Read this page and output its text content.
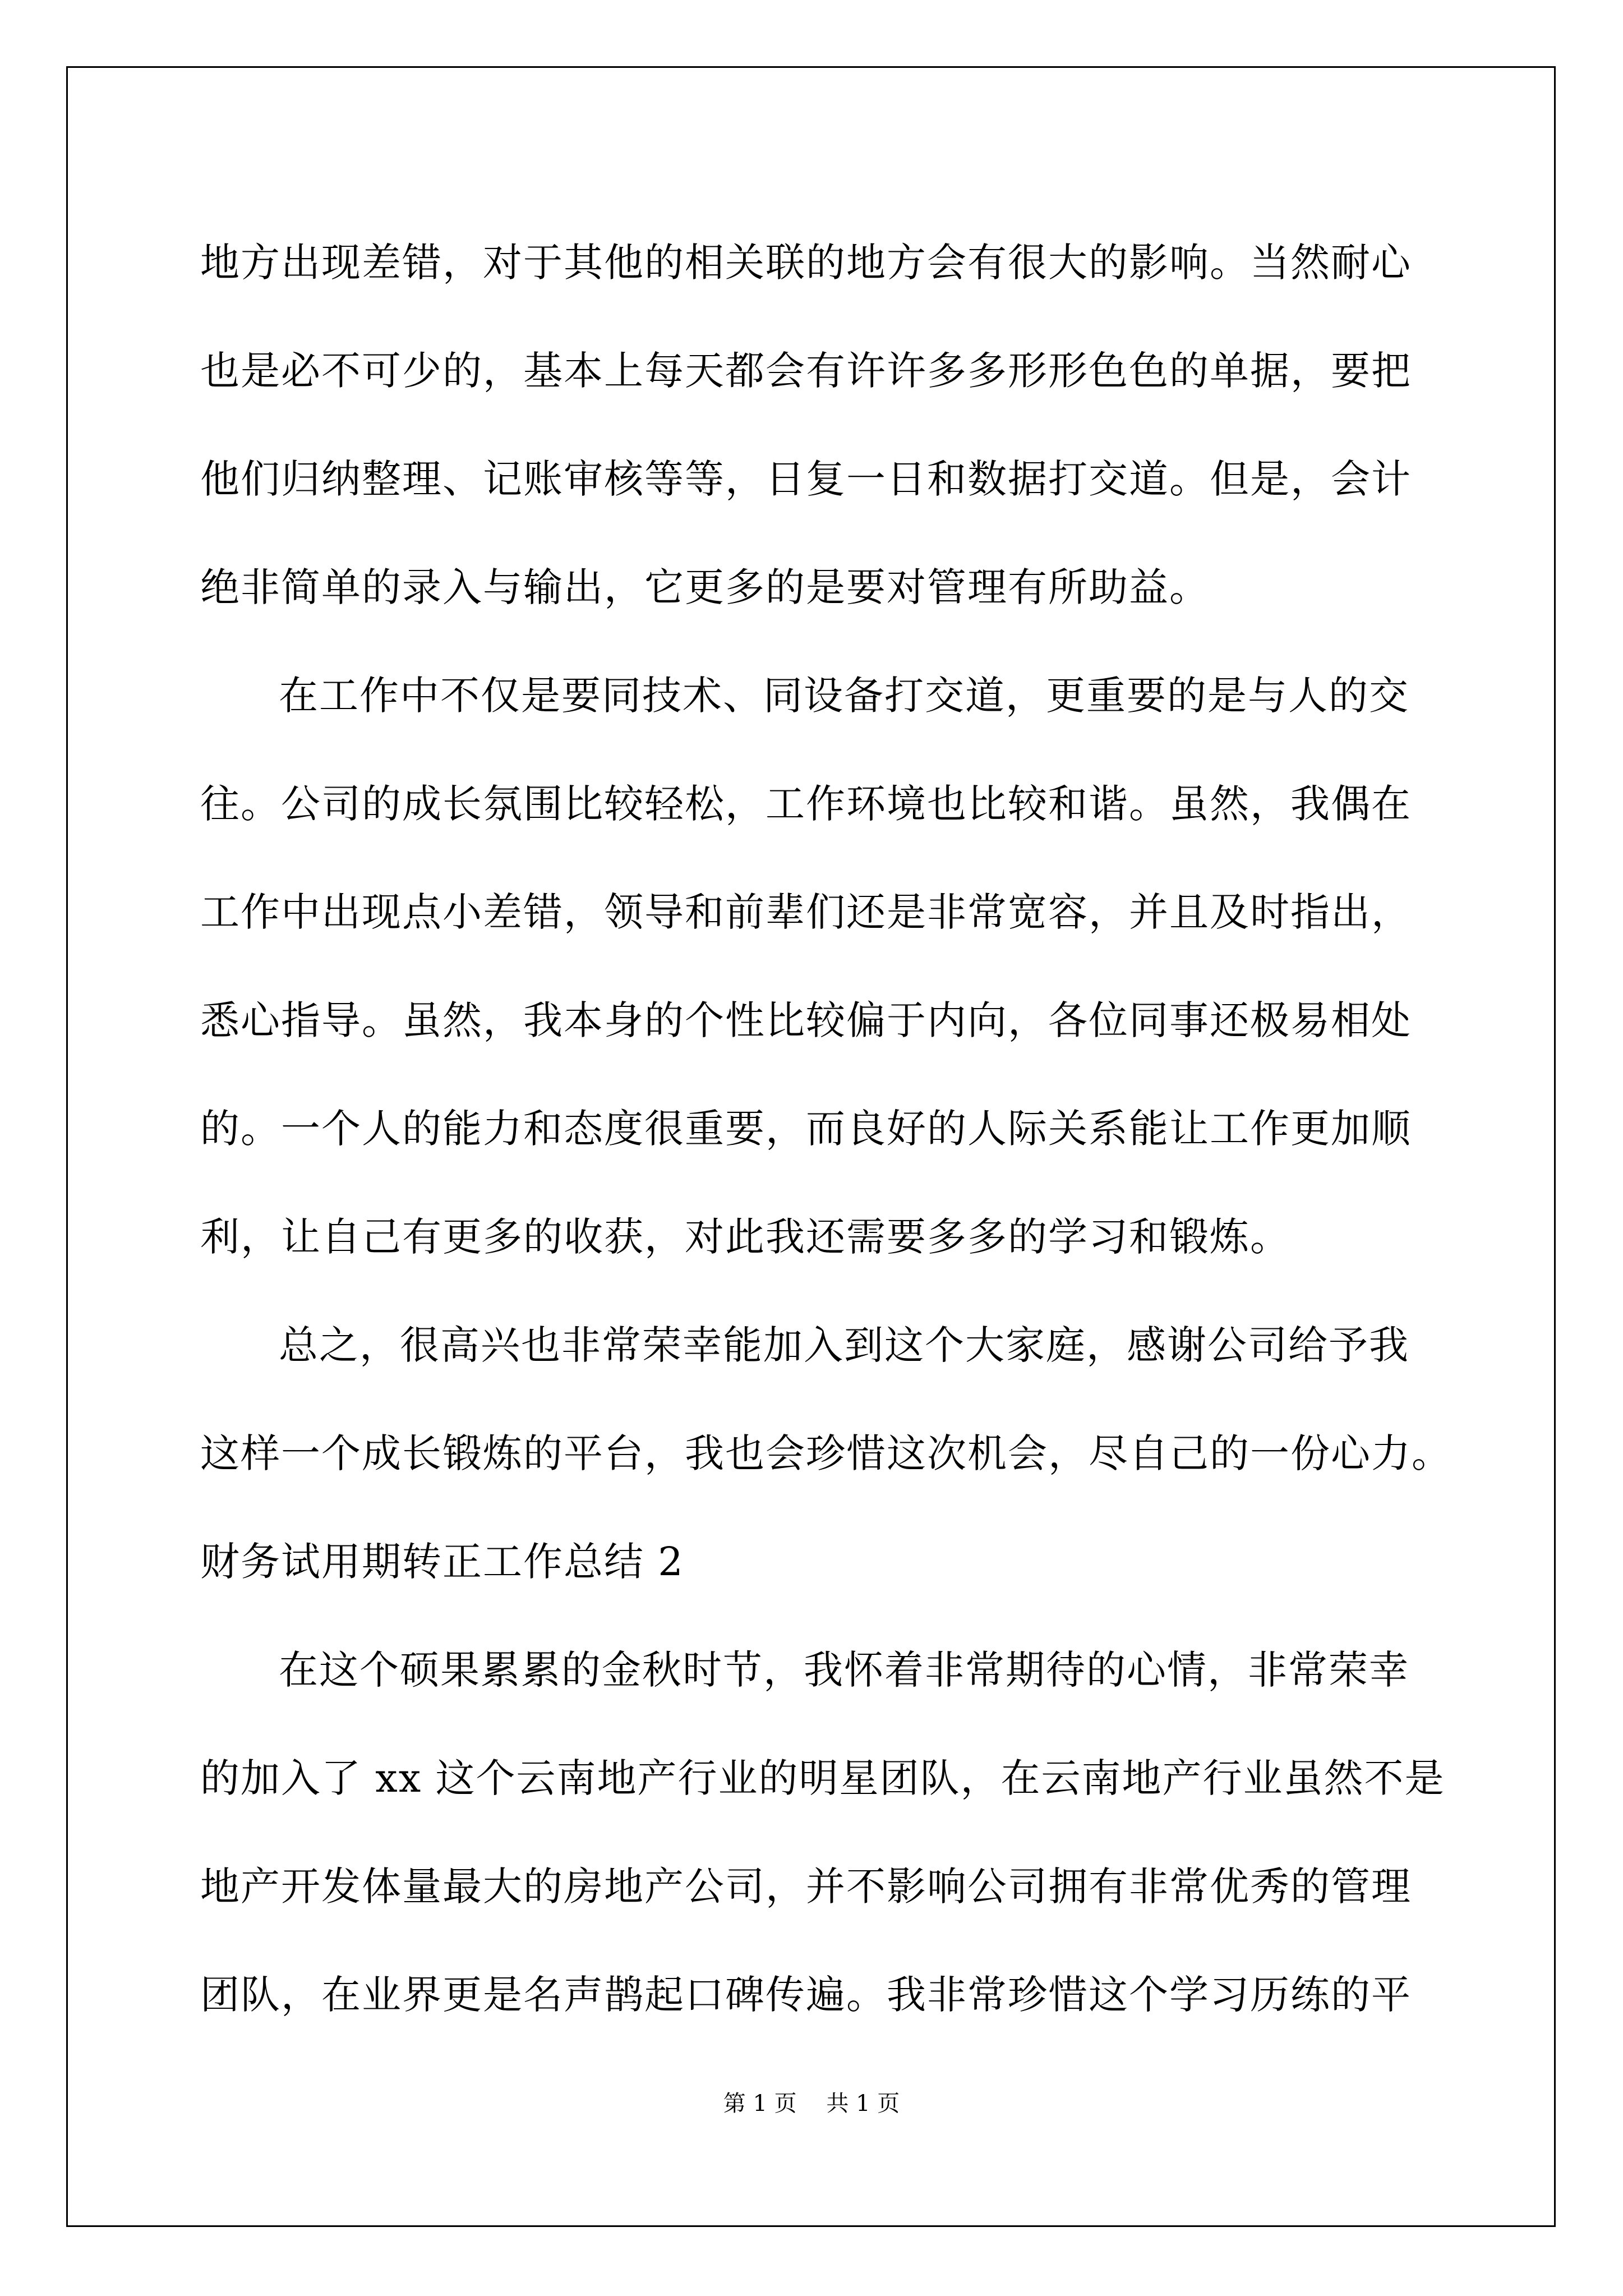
地方出现差错，对于其他的相关联的地方会有很大的影响。当然耐心
也是必不可少的，基本上每天都会有许许多多形形色色的单据，要把
他们归纳整理、记账审核等等，日复一日和数据打交道。但是，会计
绝非简单的录入与输出，它更多的是要对管理有所助益。
在工作中不仅是要同技术、同设备打交道，更重要的是与人的交
往。公司的成长氛围比较轻松，工作环境也比较和谐。虽然，我偶在
工作中出现点小差错，领导和前辈们还是非常宽容，并且及时指出，
悉心指导。虽然，我本身的个性比较偏于内向，各位同事还极易相处
的。一个人的能力和态度很重要，而良好的人际关系能让工作更加顺
利，让自己有更多的收获，对此我还需要多多的学习和锻炼。
总之，很高兴也非常荣幸能加入到这个大家庭，感谢公司给予我
这样一个成长锻炼的平台，我也会珍惜这次机会，尽自己的一份心力。
财务试用期转正工作总结 2
在这个硕果累累的金秋时节，我怀着非常期待的心情，非常荣幸
的加入了 xx 这个云南地产行业的明星团队，在云南地产行业虽然不是
地产开发体量最大的房地产公司，并不影响公司拥有非常优秀的管理
团队，在业界更是名声鹊起口碑传遍。我非常珍惜这个学习历练的平
第 1 页 共 1 页
